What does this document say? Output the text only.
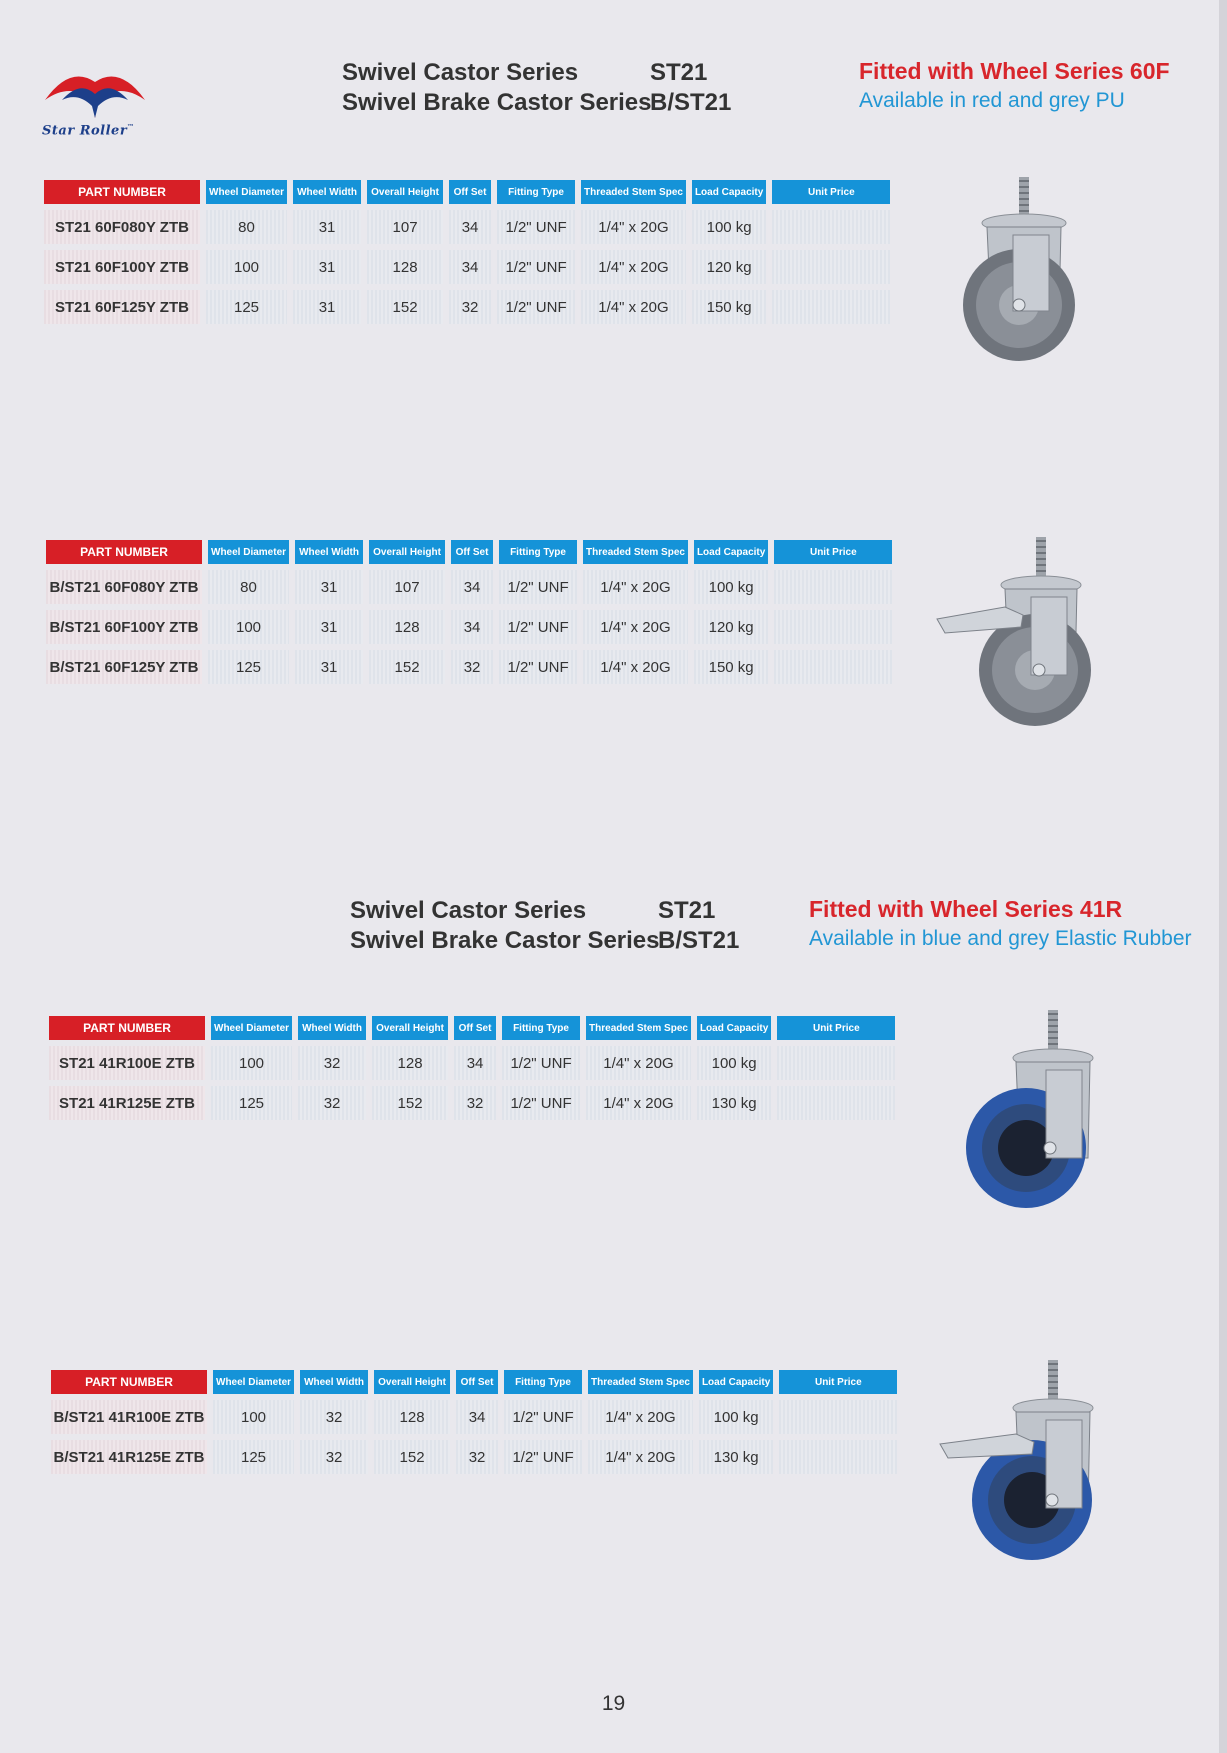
Star Roller™
Swivel Castor Series
Swivel Brake Castor Series
ST21
B/ST21
Fitted with Wheel Series 60F
Available in red and grey PU
PART NUMBER	Wheel Diameter	Wheel Width	Overall Height	Off Set	Fitting Type	Threaded Stem Spec	Load Capacity	Unit Price
ST21 60F080Y ZTB	80	31	107	34	1/2" UNF	1/4" x 20G	100 kg	
ST21 60F100Y ZTB	100	31	128	34	1/2" UNF	1/4" x 20G	120 kg	
ST21 60F125Y ZTB	125	31	152	32	1/2" UNF	1/4" x 20G	150 kg	
PART NUMBER	Wheel Diameter	Wheel Width	Overall Height	Off Set	Fitting Type	Threaded Stem Spec	Load Capacity	Unit Price
B/ST21 60F080Y ZTB	80	31	107	34	1/2" UNF	1/4" x 20G	100 kg	
B/ST21 60F100Y ZTB	100	31	128	34	1/2" UNF	1/4" x 20G	120 kg	
B/ST21 60F125Y ZTB	125	31	152	32	1/2" UNF	1/4" x 20G	150 kg	
Swivel Castor Series
Swivel Brake Castor Series
ST21
B/ST21
Fitted with Wheel Series 41R
Available in blue and grey Elastic Rubber
PART NUMBER	Wheel Diameter	Wheel Width	Overall Height	Off Set	Fitting Type	Threaded Stem Spec	Load Capacity	Unit Price
ST21 41R100E ZTB	100	32	128	34	1/2" UNF	1/4" x 20G	100 kg	
ST21 41R125E ZTB	125	32	152	32	1/2" UNF	1/4" x 20G	130 kg	
PART NUMBER	Wheel Diameter	Wheel Width	Overall Height	Off Set	Fitting Type	Threaded Stem Spec	Load Capacity	Unit Price
B/ST21 41R100E ZTB	100	32	128	34	1/2" UNF	1/4" x 20G	100 kg	
B/ST21 41R125E ZTB	125	32	152	32	1/2" UNF	1/4" x 20G	130 kg	
19
